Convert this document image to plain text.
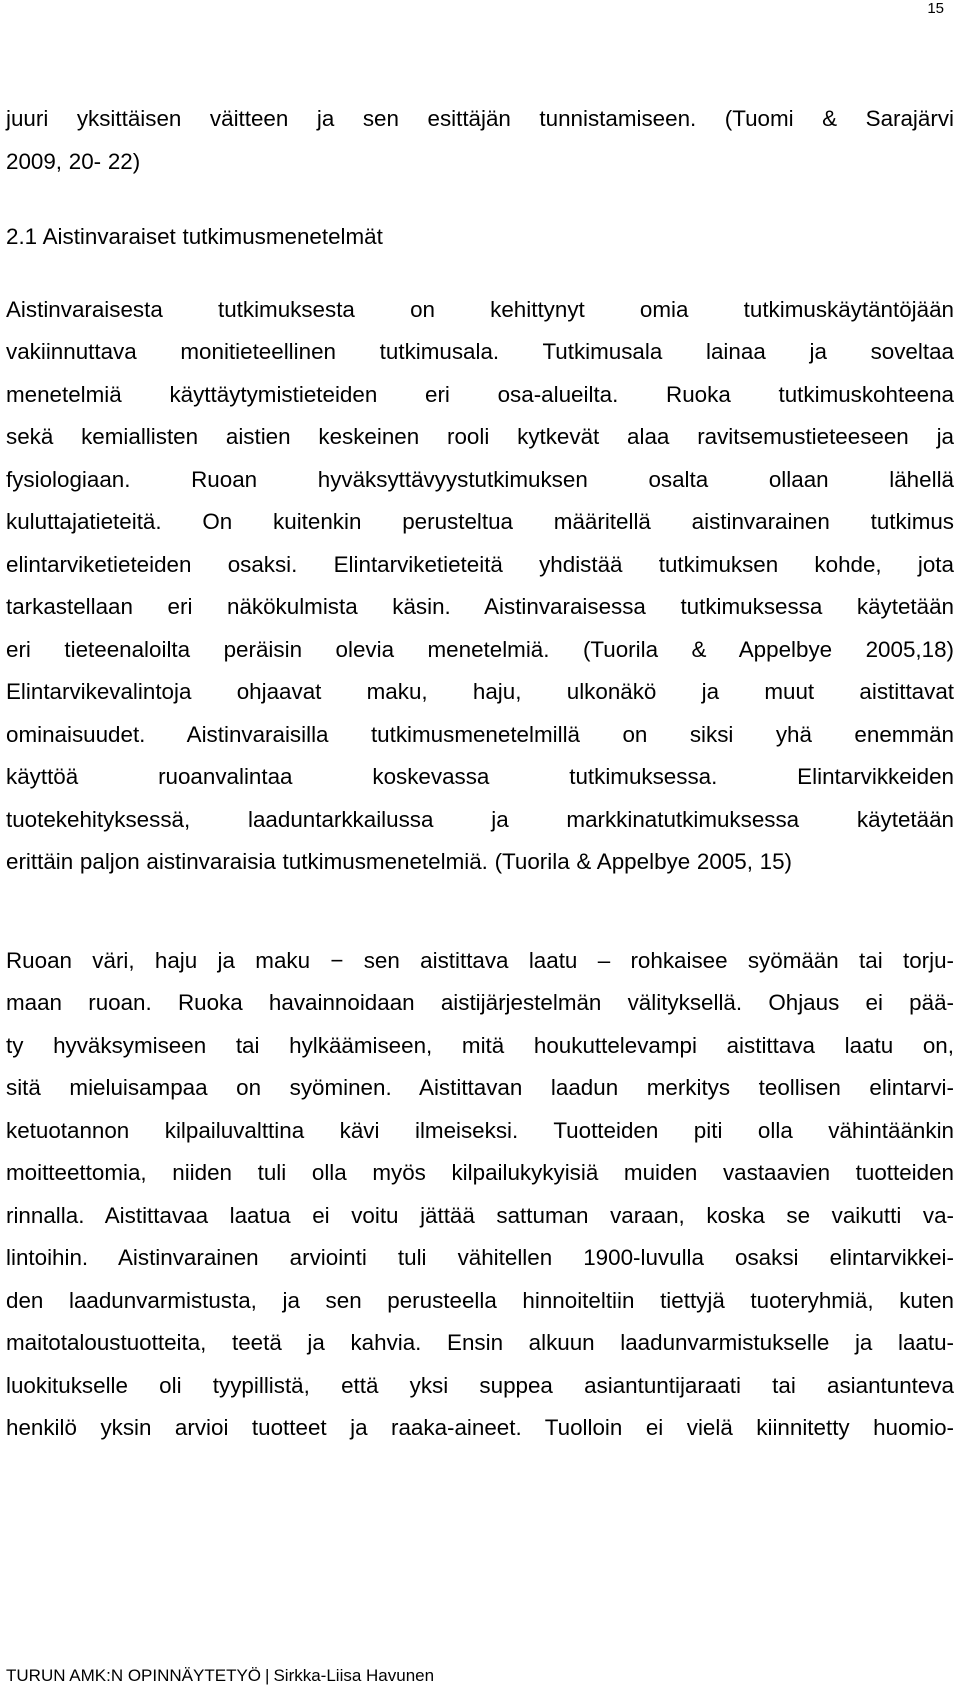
15
juuri yksittäisen väitteen ja sen esittäjän tunnistamiseen. (Tuomi & Sarajärvi
2009, 20- 22)
2.1 Aistinvaraiset tutkimusmenetelmät
Aistinvaraisesta tutkimuksesta on kehittynyt omia tutkimuskäytäntöjään
vakiinnuttava monitieteellinen tutkimusala. Tutkimusala lainaa ja soveltaa
menetelmiä käyttäytymistieteiden eri osa-alueilta. Ruoka tutkimuskohteena
sekä kemiallisten aistien keskeinen rooli kytkevät alaa ravitsemustieteeseen ja
fysiologiaan. Ruoan hyväksyttävyystutkimuksen osalta ollaan lähellä
kuluttajatieteitä. On kuitenkin perusteltua määritellä aistinvarainen tutkimus
elintarviketieteiden osaksi. Elintarviketieteitä yhdistää tutkimuksen kohde, jota
tarkastellaan eri näkökulmista käsin. Aistinvaraisessa tutkimuksessa käytetään
eri tieteenaloilta peräisin olevia menetelmiä. (Tuorila & Appelbye 2005,18)
Elintarvikevalintoja ohjaavat maku, haju, ulkonäkö ja muut aistittavat
ominaisuudet. Aistinvaraisilla tutkimusmenetelmillä on siksi yhä enemmän
käyttöä ruoanvalintaa koskevassa tutkimuksessa. Elintarvikkeiden
tuotekehityksessä, laaduntarkkailussa ja markkinatutkimuksessa käytetään
erittäin paljon aistinvaraisia tutkimusmenetelmiä. (Tuorila & Appelbye 2005, 15)
Ruoan väri, haju ja maku − sen aistittava laatu – rohkaisee syömään tai torju-
maan ruoan. Ruoka havainnoidaan aistijärjestelmän välityksellä. Ohjaus ei pää-
ty hyväksymiseen tai hylkäämiseen, mitä houkuttelevampi aistittava laatu on,
sitä mieluisampaa on syöminen. Aistittavan laadun merkitys teollisen elintarvi-
ketuotannon kilpailuvalttina kävi ilmeiseksi. Tuotteiden piti olla vähintäänkin
moitteettomia, niiden tuli olla myös kilpailukykyisiä muiden vastaavien tuotteiden
rinnalla. Aistittavaa laatua ei voitu jättää sattuman varaan, koska se vaikutti va-
lintoihin. Aistinvarainen arviointi tuli vähitellen 1900-luvulla osaksi elintarvikkei-
den laadunvarmistusta, ja sen perusteella hinnoiteltiin tiettyjä tuoteryhmiä, kuten
maitotaloustuotteita, teetä ja kahvia. Ensin alkuun laadunvarmistukselle ja laatu-
luokitukselle oli tyypillistä, että yksi suppea asiantuntijaraati tai asiantunteva
henkilö yksin arvioi tuotteet ja raaka-aineet. Tuolloin ei vielä kiinnitetty huomio-
TURUN AMK:N OPINNÄYTETYÖ | Sirkka-Liisa Havunen
